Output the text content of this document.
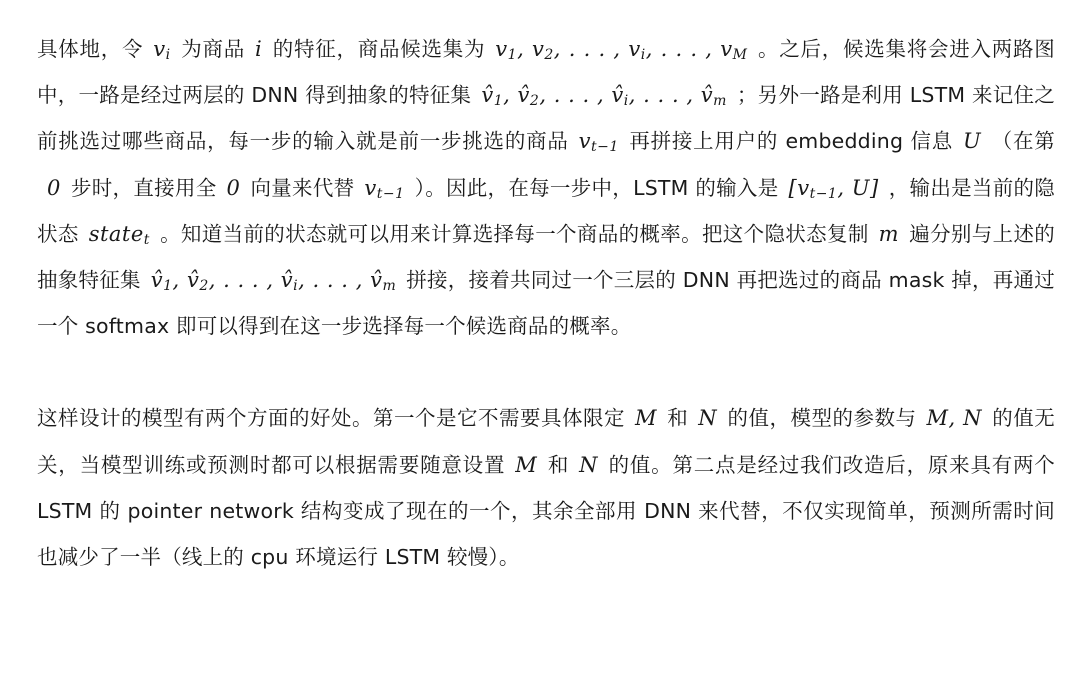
具体地，令 $v_i$ 为商品 i 的特征，商品候选集为 $v_1$, $v_2$, . . . , $v_i$, . . . , $v_M$ 。之后，候选集将会进入两路图中，一路是经过两层的 DNN 得到抽象的特征集 $v̂_1$, $v̂_2$, . . . , $v̂_i$, . . . , $v̂_m$ ；另外一路是利用 LSTM 来记住之前挑选过哪些商品，每一步的输入就是前一步挑选的商品 $v_{t-1}$ 再拼接上用户的 embedding 信息 U （在第0 步时，直接用全 0 向量来代替 $v_{t-1}$ ）。因此，在每一步中，LSTM 的输入是 [$v_{t-1}$, U] ，输出是当前的隐状态 state$_t$ 。知道当前的状态就可以用来计算选择每一个商品的概率。把这个隐状态复制 m 遍分别与上述的抽象特征集 $v̂_1$, $v̂_2$, . . . , $v̂_i$, . . . , $v̂_m$ 拼接，接着共同过一个三层的 DNN 再把选过的商品 mask 掉，再通过一个 softmax 即可以得到在这一步选择每一个候选商品的概率。

这样设计的模型有两个方面的好处。第一个是它不需要具体限定 M 和 N 的值，模型的参数与 M, N 的值无关，当模型训练或预测时都可以根据需要随意设置 M 和 N 的值。第二点是经过我们改造后，原来具有两个 LSTM 的 pointer network 结构变成了现在的一个，其余全部用 DNN 来代替，不仅实现简单，预测所需时间也减少了一半（线上的 cpu 环境运行 LSTM 较慢）。
